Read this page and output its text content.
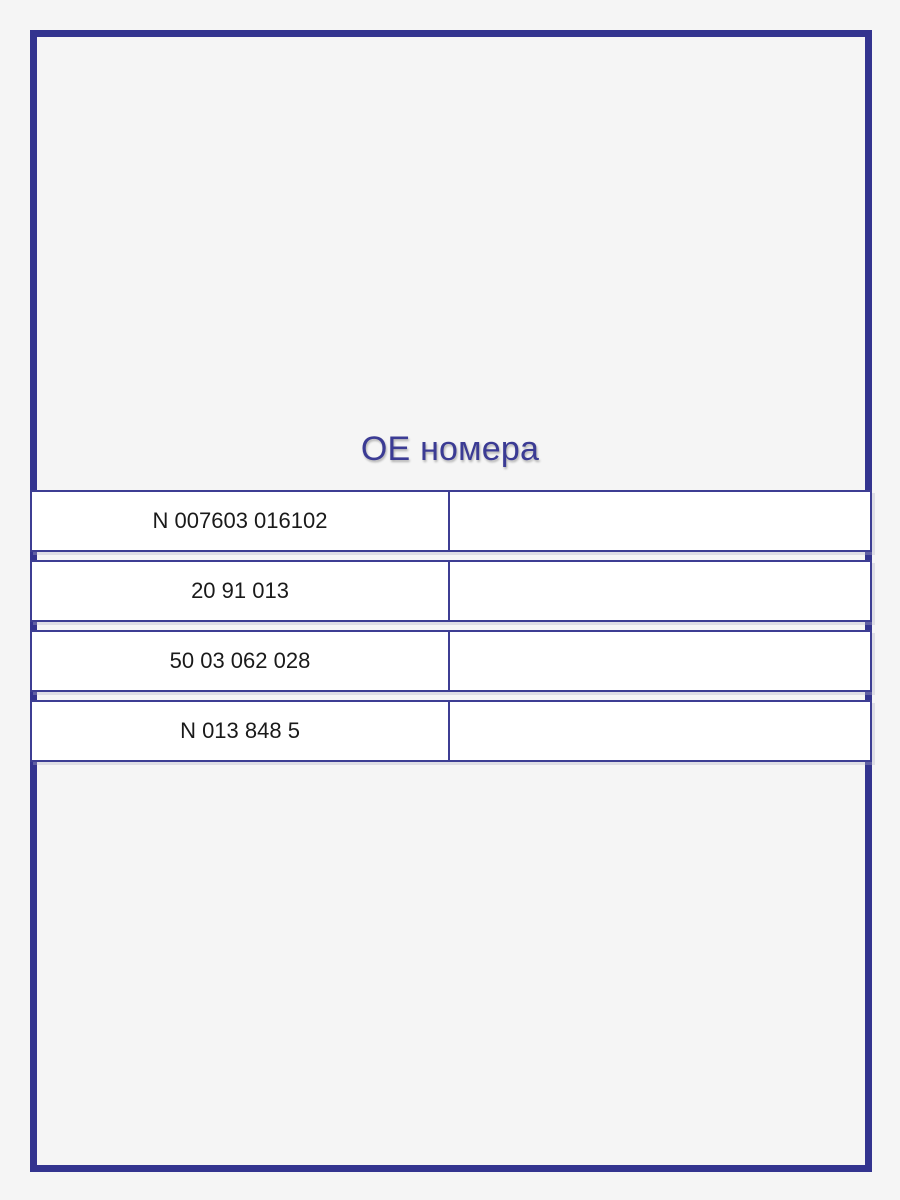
OE номера
N 007603 016102
20 91 013
50 03 062 028
N 013 848 5
